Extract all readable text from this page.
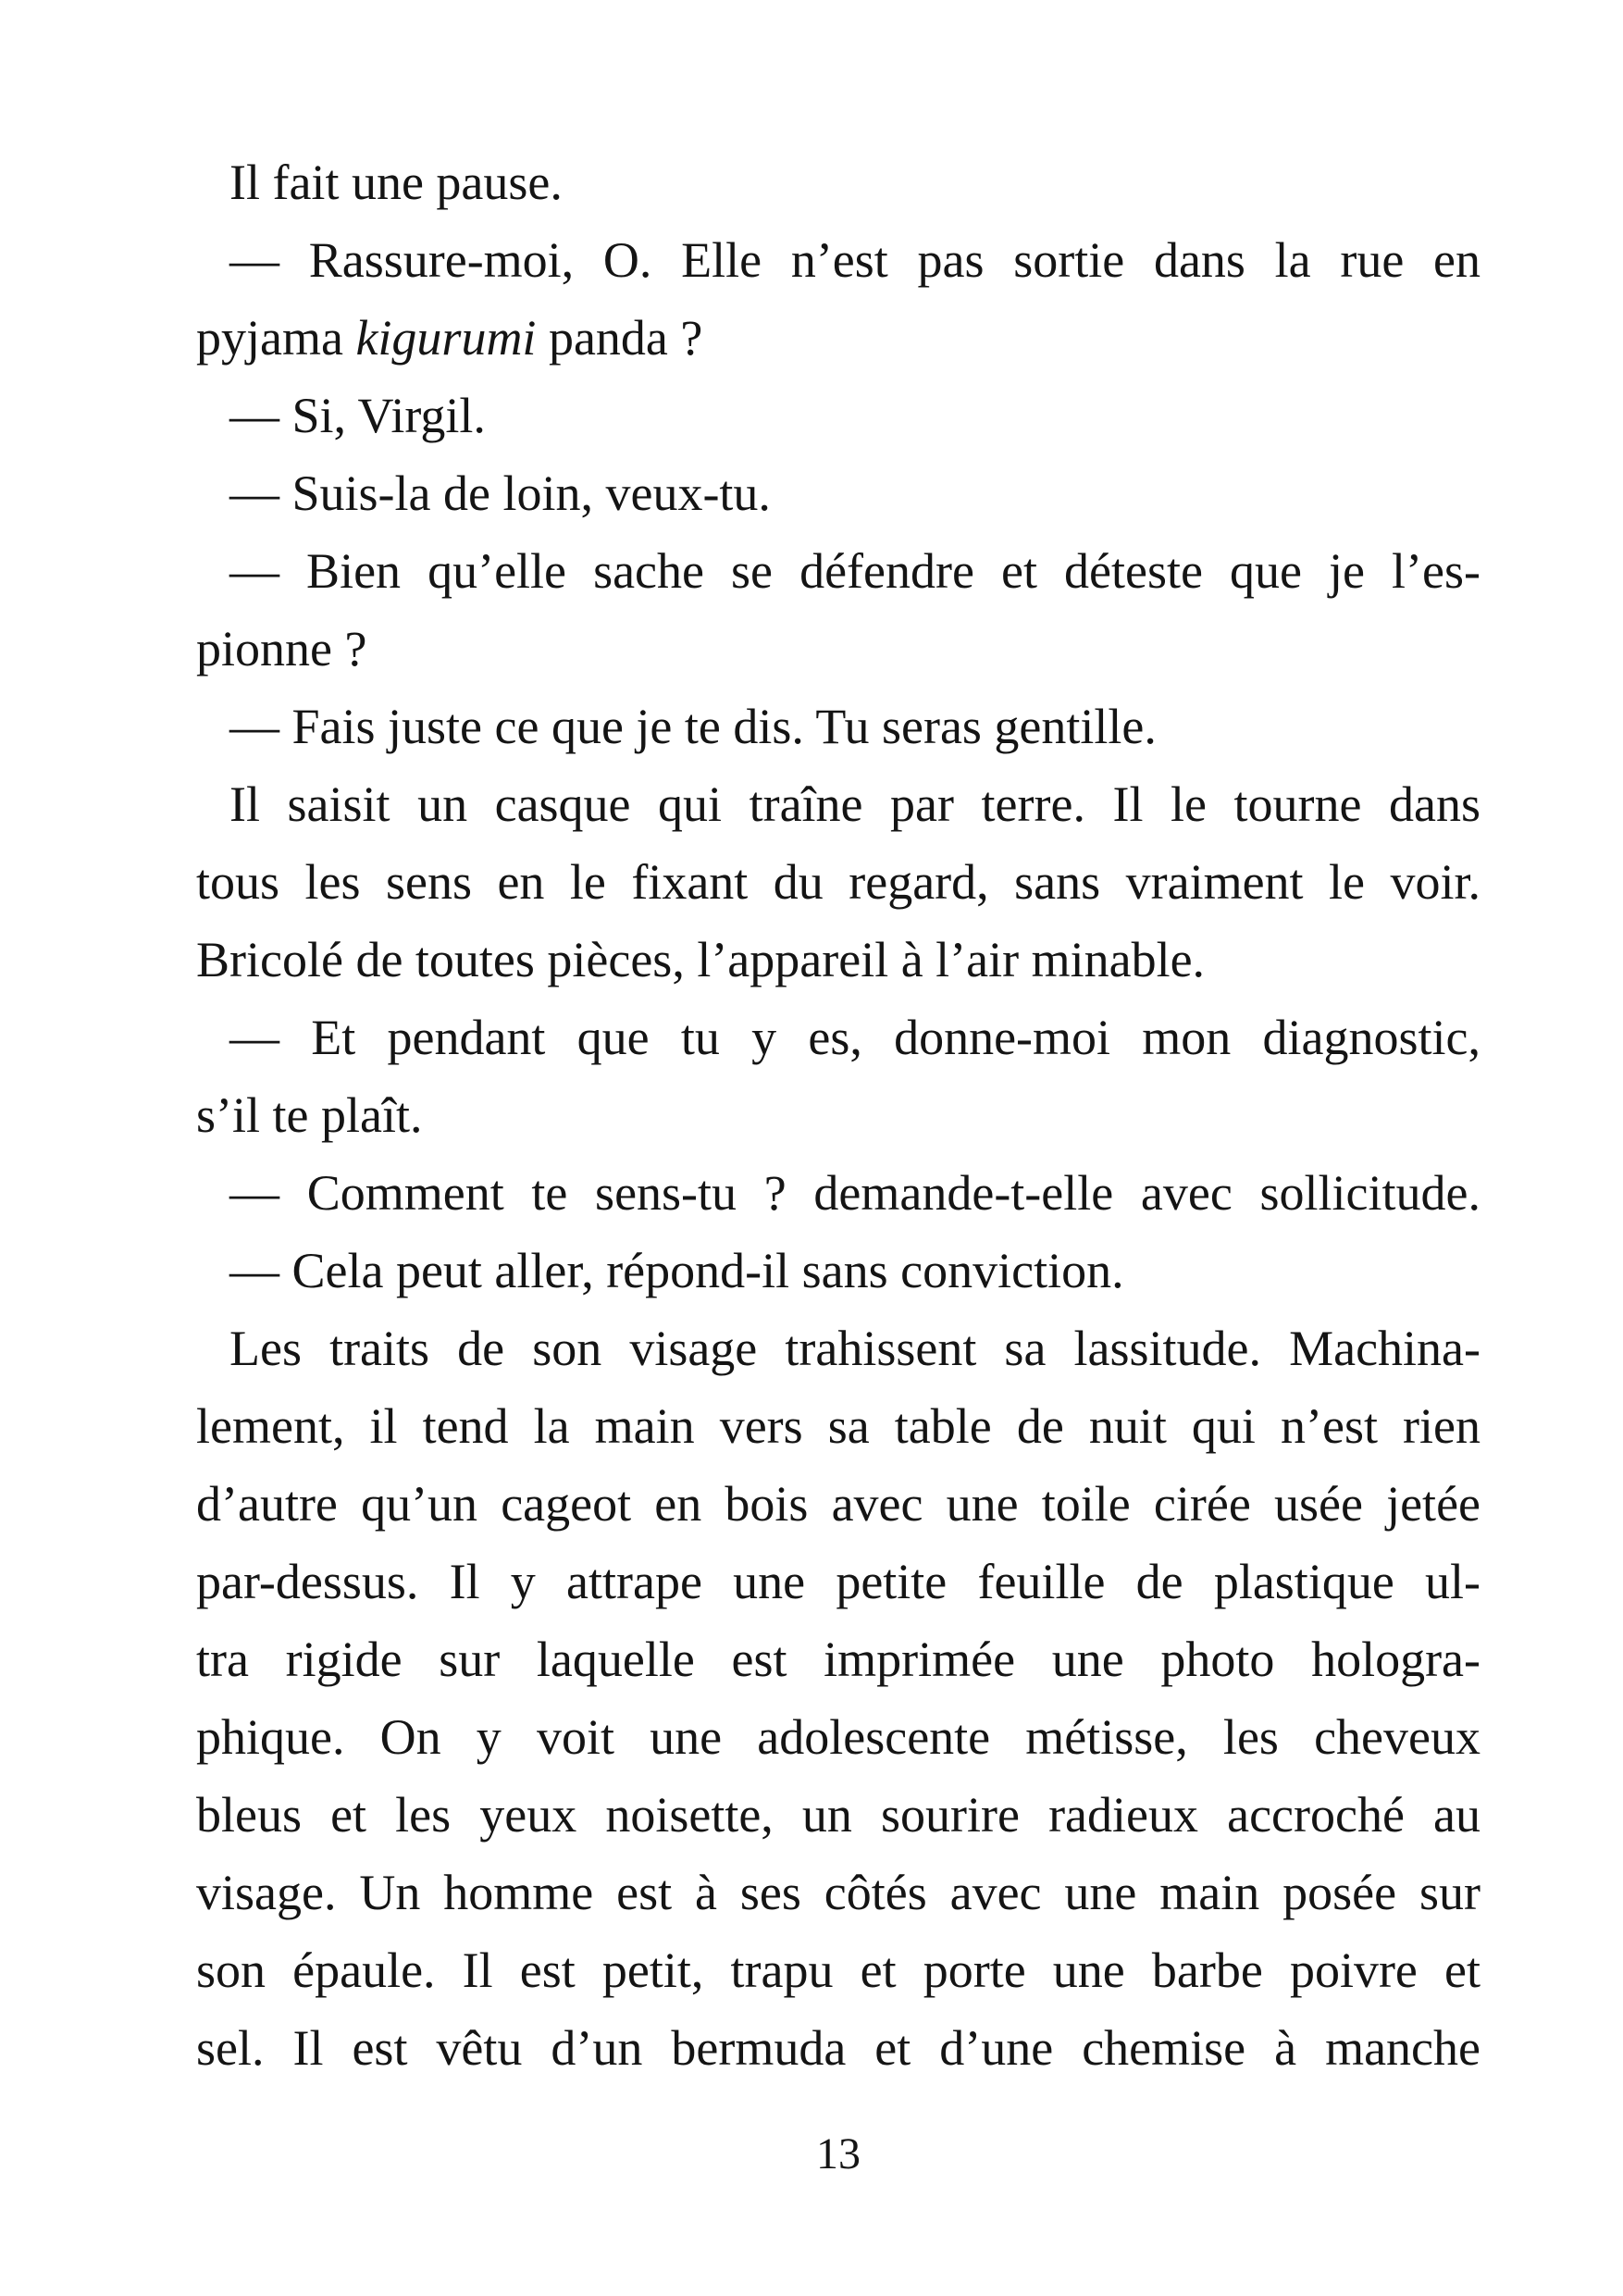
Il fait une pause.
— Rassure-moi, O. Elle n’est pas sortie dans la rue en
pyjama kigurumi panda ?
— Si, Virgil.
— Suis-la de loin, veux-tu.
— Bien qu’elle sache se défendre et déteste que je l’es-
pionne ?
— Fais juste ce que je te dis. Tu seras gentille.
Il saisit un casque qui traîne par terre. Il le tourne dans
tous les sens en le fixant du regard, sans vraiment le voir.
Bricolé de toutes pièces, l’appareil à l’air minable.
— Et pendant que tu y es, donne-moi mon diagnostic,
s’il te plaît.
— Comment te sens-tu ? demande-t-elle avec sollicitude.
— Cela peut aller, répond-il sans conviction.
Les traits de son visage trahissent sa lassitude. Machina-
lement, il tend la main vers sa table de nuit qui n’est rien
d’autre qu’un cageot en bois avec une toile cirée usée jetée
par-dessus. Il y attrape une petite feuille de plastique ul-
tra rigide sur laquelle est imprimée une photo hologra-
phique. On y voit une adolescente métisse, les cheveux
bleus et les yeux noisette, un sourire radieux accroché au
visage. Un homme est à ses côtés avec une main posée sur
son épaule. Il est petit, trapu et porte une barbe poivre et
sel. Il est vêtu d’un bermuda et d’une chemise à manche
13
